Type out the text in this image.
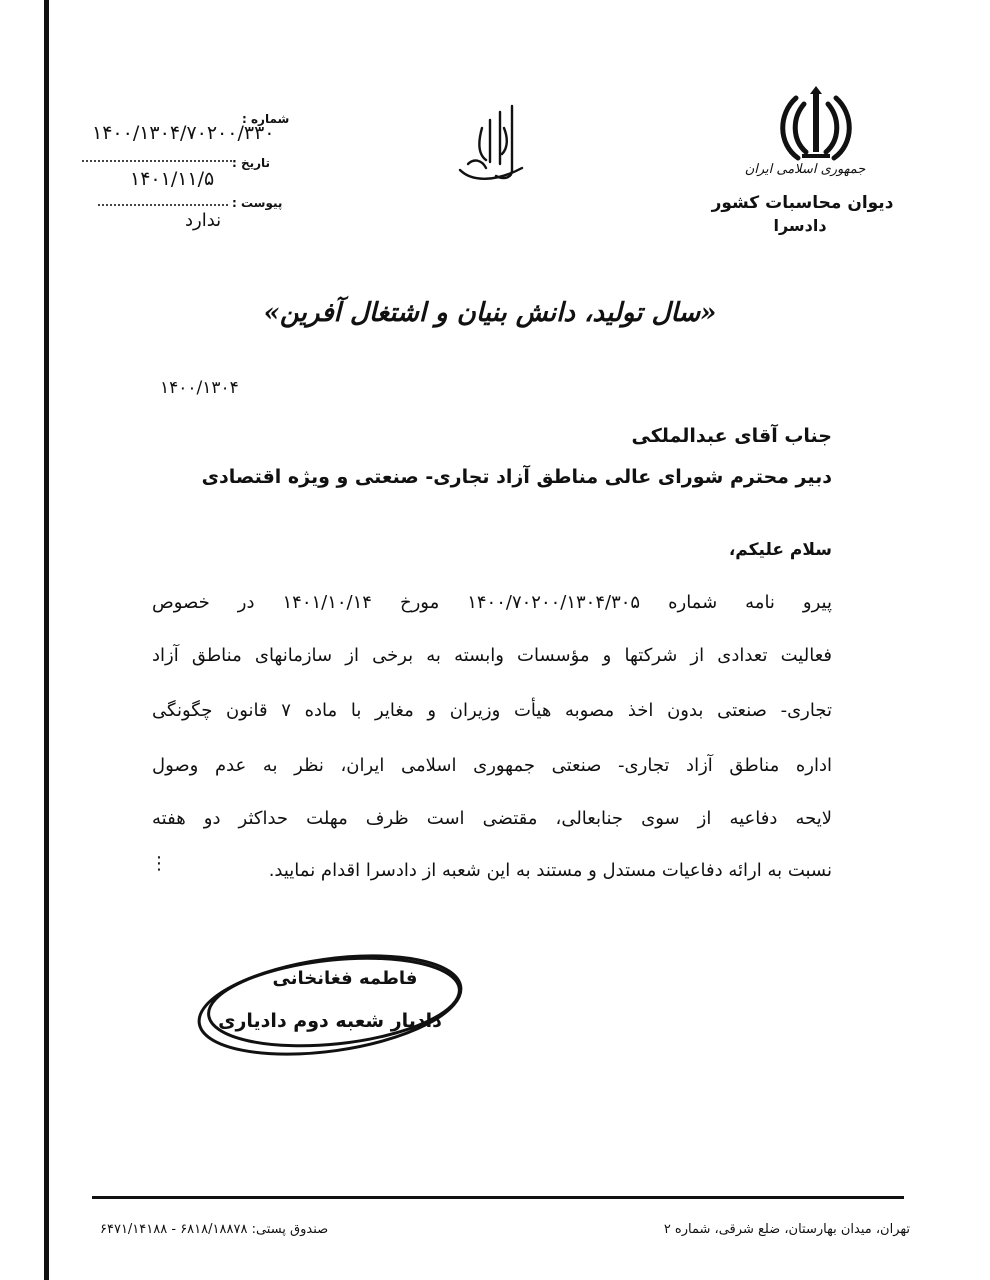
جمهوری اسلامی ایران
دیوان محاسبات کشور
دادسرا
شماره :
۱۴۰۰/۱۳۰۴/۷۰۲۰۰/۳۳۰
تاریخ :
۱۴۰۱/۱۱/۵
پیوست :
ندارد
«سال تولید، دانش بنیان و اشتغال آفرین»
۱۴۰۰/۱۳۰۴
جناب آقای عبدالملکی
دبیر محترم شورای عالی مناطق آزاد تجاری- صنعتی و ویژه اقتصادی
سلام علیکم،
پیرو نامه شماره ۱۴۰۰/۷۰۲۰۰/۱۳۰۴/۳۰۵ مورخ ۱۴۰۱/۱۰/۱۴ در خصوص
فعالیت تعدادی از شرکتها و مؤسسات وابسته به برخی از سازمانهای مناطق آزاد
تجاری- صنعتی بدون اخذ مصوبه هیأت وزیران و مغایر با ماده ۷ قانون چگونگی
اداره مناطق آزاد تجاری- صنعتی جمهوری اسلامی ایران، نظر به عدم وصول
لایحه دفاعیه از سوی جنابعالی، مقتضی است ظرف مهلت حداکثر دو هفته
نسبت به ارائه دفاعیات مستدل و مستند به این شعبه از دادسرا اقدام نمایید.
⋮
فاطمه فغانخانی
دادیار شعبه دوم دادیاری
صندوق پستی: ۶۸۱۸/۱۸۸۷۸ - ۶۴۷۱/۱۴۱۸۸	تهران، میدان بهارستان، ضلع شرقی، شماره ۲
